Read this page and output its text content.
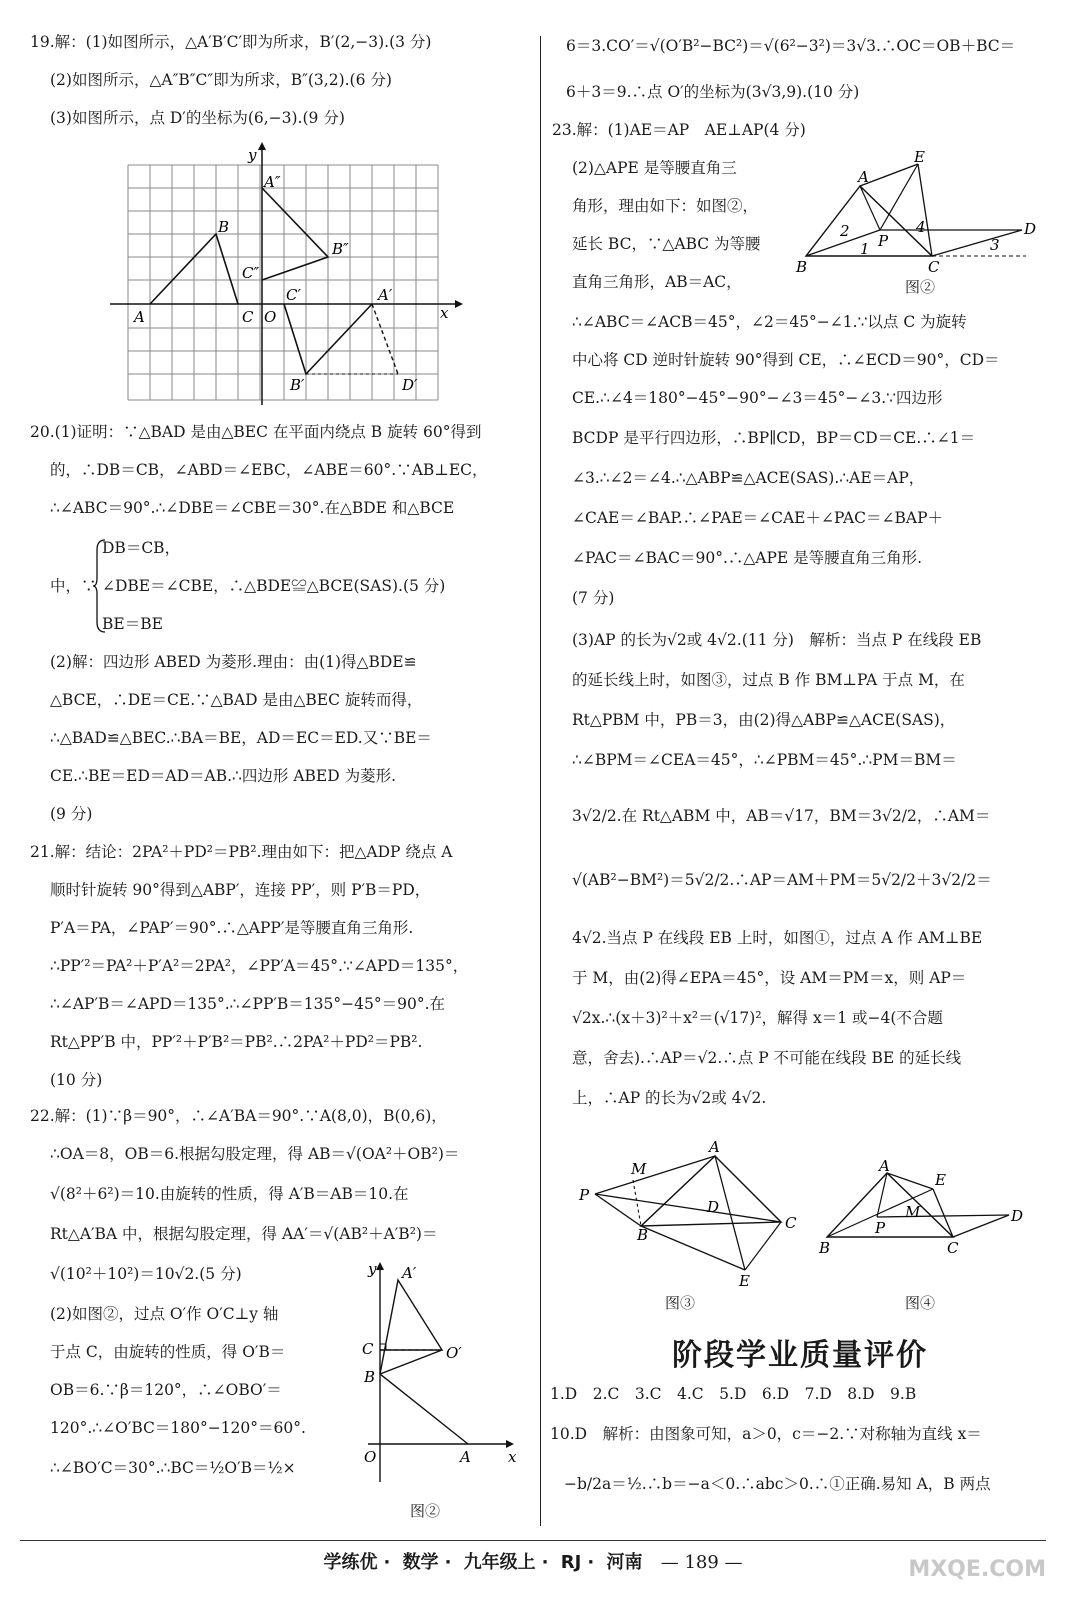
19.解：(1)如图所示，△A′B′C′即为所求，B′(2,−3).(3 分)
(2)如图所示，△A″B″C″即为所求，B″(3,2).(6 分)
(3)如图所示，点 D′的坐标为(6,−3).(9 分)
y
x
A″
B″
C″
B
A	C O
C′	A′
B′	D′
20.(1)证明：∵△BAD 是由△BEC 在平面内绕点 B 旋转 60°得到
的，∴DB＝CB，∠ABD＝∠EBC，∠ABE＝60°.∵AB⊥EC，
∴∠ABC＝90°.∴∠DBE＝∠CBE＝30°.在△BDE 和△BCE
DB＝CB，
中，∵ ∠DBE＝∠CBE，∴△BDE≌△BCE(SAS).(5 分)
BE＝BE
(2)解：四边形 ABED 为菱形.理由：由(1)得△BDE≌
△BCE，∴DE＝CE.∵△BAD 是由△BEC 旋转而得，
∴△BAD≌△BEC.∴BA＝BE，AD＝EC＝ED.又∵BE＝
CE.∴BE＝ED＝AD＝AB.∴四边形 ABED 为菱形.
(9 分)
21.解：结论：2PA²＋PD²＝PB².理由如下：把△ADP 绕点 A
顺时针旋转 90°得到△ABP′，连接 PP′，则 P′B＝PD，
P′A＝PA，∠PAP′＝90°.∴△APP′是等腰直角三角形.
∴PP′²＝PA²＋P′A²＝2PA²，∠PP′A＝45°.∵∠APD＝135°，
∴∠AP′B＝∠APD＝135°.∴∠PP′B＝135°−45°＝90°.在
Rt△PP′B 中，PP′²＋P′B²＝PB².∴2PA²＋PD²＝PB².
(10 分)
22.解：(1)∵β＝90°，∴∠A′BA＝90°.∵A(8,0)，B(0,6)，
∴OA＝8，OB＝6.根据勾股定理，得 AB＝√(OA²＋OB²)＝
√(8²＋6²)＝10.由旋转的性质，得 A′B＝AB＝10.在
Rt△A′BA 中，根据勾股定理，得 AA′＝√(AB²＋A′B²)＝
√(10²＋10²)＝10√2.(5 分)
(2)如图②，过点 O′作 O′C⊥y 轴
于点 C，由旋转的性质，得 O′B＝
OB＝6.∵β＝120°，∴∠OBO′＝
120°.∴∠O′BC＝180°−120°＝60°.
∴∠BO′C＝30°.∴BC＝½O′B＝½×
y A′
C	O′
B
O	A x
图②
6＝3.CO′＝√(O′B²−BC²)＝√(6²−3²)＝3√3.∴OC＝OB＋BC＝
6＋3＝9.∴点 O′的坐标为(3√3,9).(10 分)
23.解：(1)AE＝AP　AE⊥AP(4 分)
(2)△APE 是等腰直角三
角形，理由如下：如图②，
延长 BC，∵△ABC 为等腰
直角三角形，AB＝AC，
∴∠ABC＝∠ACB＝45°，∠2＝45°−∠1.∵以点 C 为旋转
中心将 CD 逆时针旋转 90°得到 CE，∴∠ECD＝90°，CD＝
CE.∴∠4＝180°−45°−90°−∠3＝45°−∠3.∵四边形
BCDP 是平行四边形，∴BP∥CD，BP＝CD＝CE.∴∠1＝
∠3.∴∠2＝∠4.∴△ABP≌△ACE(SAS).∴AE＝AP，
∠CAE＝∠BAP.∴∠PAE＝∠CAE＋∠PAC＝∠BAP＋
∠PAC＝∠BAC＝90°.∴△APE 是等腰直角三角形.
(7 分)
(3)AP 的长为√2或 4√2.(11 分)　解析：当点 P 在线段 EB
的延长线上时，如图③，过点 B 作 BM⊥PA 于点 M，在
Rt△PBM 中，PB＝3，由(2)得△ABP≌△ACE(SAS)，
∴∠BPM＝∠CEA＝45°，∴∠PBM＝45°.∴PM＝BM＝
3√2/2.在 Rt△ABM 中，AB＝√17，BM＝3√2/2，∴AM＝
√(AB²−BM²)＝5√2/2.∴AP＝AM＋PM＝5√2/2＋3√2/2＝
4√2.当点 P 在线段 EB 上时，如图①，过点 A 作 AM⊥BE
于 M，由(2)得∠EPA＝45°，设 AM＝PM＝x，则 AP＝
√2x.∴(x＋3)²＋x²＝(√17)²，解得 x＝1 或−4(不合题
意，舍去).∴AP＝√2.∴点 P 不可能在线段 BE 的延长线
上，∴AP 的长为√2或 4√2.
A
E
2
P
4	D
1	3
B	C
图②
M
A
P
D
C
B
E
图③
A
E
M
P
D
B	C
图④
阶段学业质量评价
1.D　2.C　3.C　4.C　5.D　6.D　7.D　8.D　9.B
10.D　解析：由图象可知，a＞0，c＝−2.∵对称轴为直线 x＝
−b/2a＝½.∴b＝−a＜0.∴abc＞0.∴①正确.易知 A，B 两点
学练优 · 数学 · 九年级上 · RJ · 河南 — 189 —	MXQE.COM
